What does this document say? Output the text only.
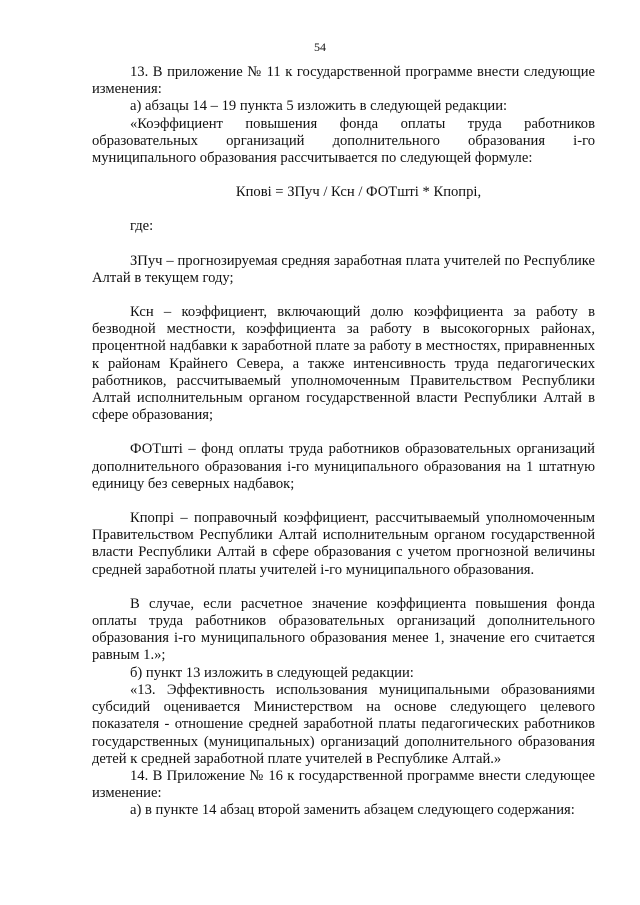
54

13. В приложение № 11 к государственной программе внести следующие изменения:

а) абзацы 14 – 19 пункта 5 изложить в следующей редакции:

«Коэффициент повышения фонда оплаты труда работников образовательных организаций дополнительного образования i-го муниципального образования рассчитывается по следующей формуле:

Кпові = ЗПуч / Ксн / ФОТшті * Кпопрi,

где:

ЗПуч – прогнозируемая средняя заработная плата учителей по Республике Алтай в текущем году;

Ксн – коэффициент, включающий долю коэффициента за работу в безводной местности, коэффициента за работу в высокогорных районах, процентной надбавки к заработной плате за работу в местностях, приравненных к районам Крайнего Севера, а также интенсивность труда педагогических работников, рассчитываемый уполномоченным Правительством Республики Алтай исполнительным органом государственной власти Республики Алтай в сфере образования;

ФОТшті – фонд оплаты труда работников образовательных организаций дополнительного образования i-го муниципального образования на 1 штатную единицу без северных надбавок;

Кпопрi – поправочный коэффициент, рассчитываемый уполномоченным Правительством Республики Алтай исполнительным органом государственной власти Республики Алтай в сфере образования с учетом прогнозной величины средней заработной платы учителей i-го муниципального образования.

В случае, если расчетное значение коэффициента повышения фонда оплаты труда работников образовательных организаций дополнительного образования i-го муниципального образования менее 1, значение его считается равным 1.»;

б) пункт 13 изложить в следующей редакции:

«13. Эффективность использования муниципальными образованиями субсидий оценивается Министерством на основе следующего целевого показателя - отношение средней заработной платы педагогических работников государственных (муниципальных) организаций дополнительного образования детей к средней заработной плате учителей в Республике Алтай.»

14. В Приложение № 16 к государственной программе внести следующее изменение:

а) в пункте 14 абзац второй заменить абзацем следующего содержания:
